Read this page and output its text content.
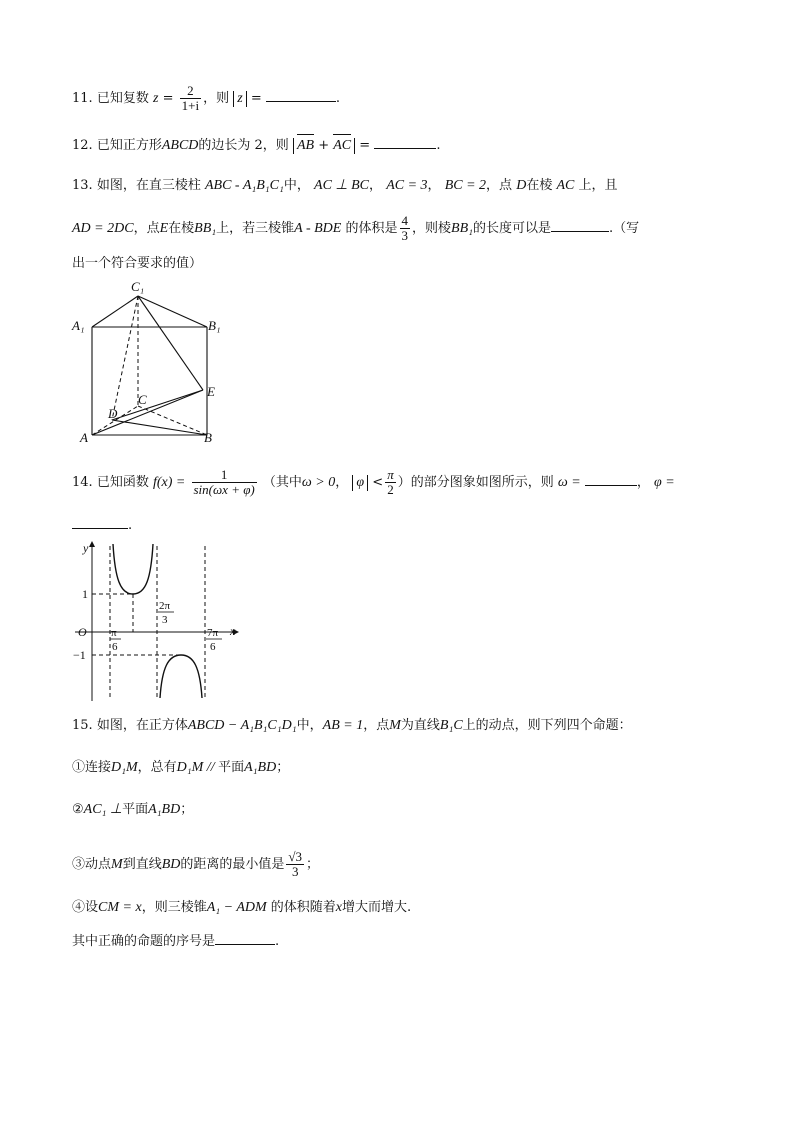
11. 已知复数 $z = \frac{2}{1+i}$ ，则 z =	.
12. 已知正方形ABCD的边长为 2，则 AB + AC =	.
13. 如图，在直三棱柱 ABC - A₁B₁C₁中， AC ⊥ BC， AC = 3， BC = 2，点 D在棱 AC 上，且
AD = 2DC，点E在棱BB₁上，若三棱锥A - BDE 的体积是 $\frac{4}{3}$ ，则棱BB₁的长度可以是	.（写
出一个符合要求的值）
C₁
A₁	B₁
E
D
C
A	B
14. 已知函数 $f(x) = \frac{1}{\sin(\omega x + \varphi)}$ （其中ω > 0， $\varphi < \frac{\pi}{2}$ ）的部分图象如图所示，则 ω =	， φ =
.
y
x
O
1
−1
π
6
2π
3
7π
6
15. 如图，在正方体ABCD − A₁B₁C₁D₁中，AB = 1，点M为直线B₁C上的动点，则下列四个命题：
①连接D₁M，总有D₁M // 平面A₁BD；
②AC₁ ⊥平面A₁BD；
③动点M到直线BD的距离的最小值是 $\frac{√3}{3}$ ；
④设CM = x，则三棱锥A₁ − ADM 的体积随着x增大而增大.
其中正确的命题的序号是	.
